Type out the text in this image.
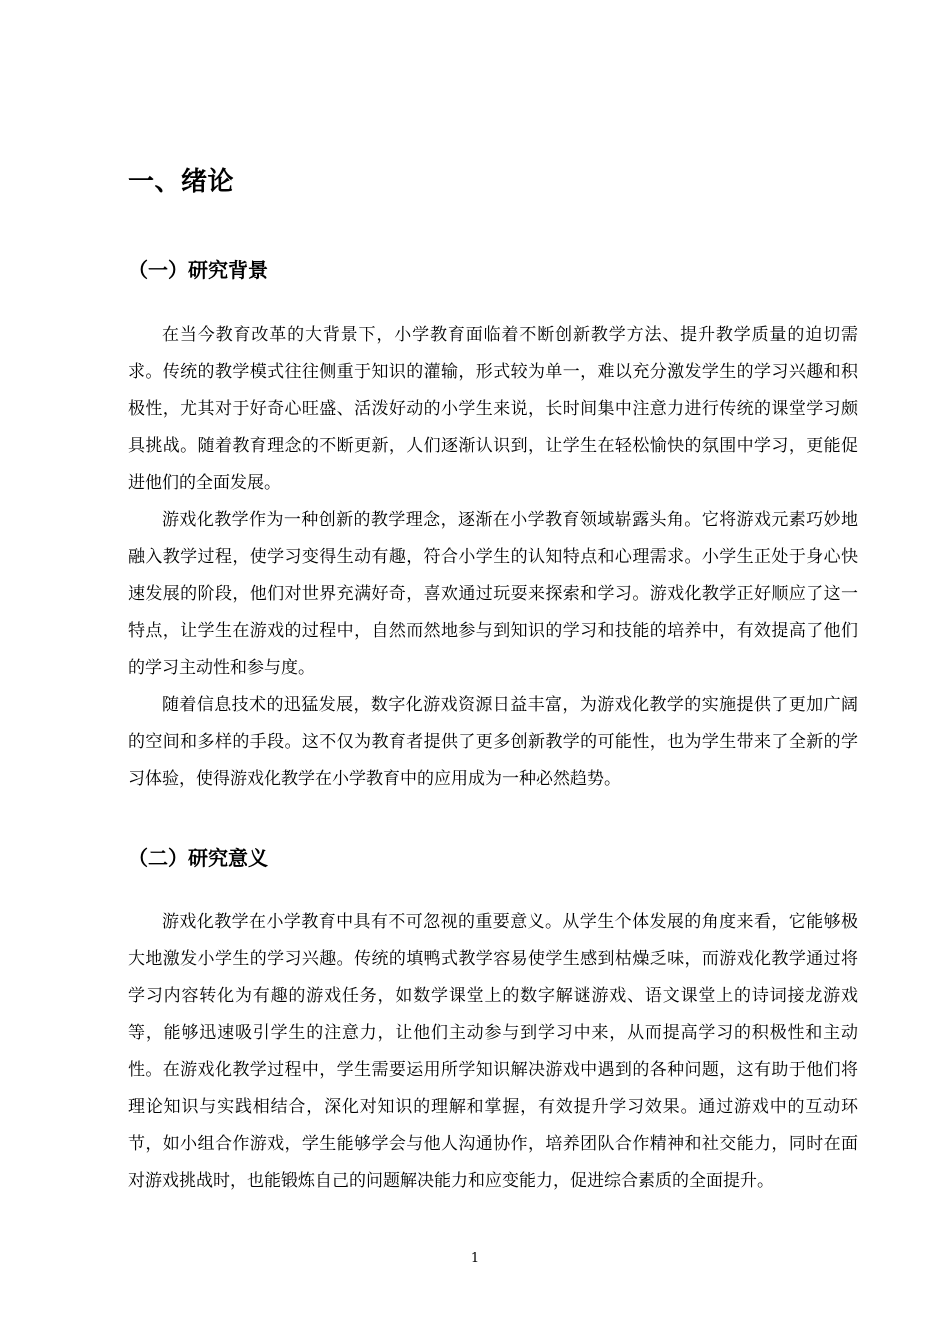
一、绪论
（一）研究背景

在当今教育改革的大背景下，小学教育面临着不断创新教学方法、提升教学质量的迫切需求。传统的教学模式往往侧重于知识的灌输，形式较为单一，难以充分激发学生的学习兴趣和积极性，尤其对于好奇心旺盛、活泼好动的小学生来说，长时间集中注意力进行传统的课堂学习颇具挑战。随着教育理念的不断更新，人们逐渐认识到，让学生在轻松愉快的氛围中学习，更能促进他们的全面发展。

游戏化教学作为一种创新的教学理念，逐渐在小学教育领域崭露头角。它将游戏元素巧妙地融入教学过程，使学习变得生动有趣，符合小学生的认知特点和心理需求。小学生正处于身心快速发展的阶段，他们对世界充满好奇，喜欢通过玩耍来探索和学习。游戏化教学正好顺应了这一特点，让学生在游戏的过程中，自然而然地参与到知识的学习和技能的培养中，有效提高了他们的学习主动性和参与度。

随着信息技术的迅猛发展，数字化游戏资源日益丰富，为游戏化教学的实施提供了更加广阔的空间和多样的手段。这不仅为教育者提供了更多创新教学的可能性，也为学生带来了全新的学习体验，使得游戏化教学在小学教育中的应用成为一种必然趋势。

（二）研究意义

游戏化教学在小学教育中具有不可忽视的重要意义。从学生个体发展的角度来看，它能够极大地激发小学生的学习兴趣。传统的填鸭式教学容易使学生感到枯燥乏味，而游戏化教学通过将学习内容转化为有趣的游戏任务，如数学课堂上的数字解谜游戏、语文课堂上的诗词接龙游戏等，能够迅速吸引学生的注意力，让他们主动参与到学习中来，从而提高学习的积极性和主动性。在游戏化教学过程中，学生需要运用所学知识解决游戏中遇到的各种问题，这有助于他们将理论知识与实践相结合，深化对知识的理解和掌握，有效提升学习效果。通过游戏中的互动环节，如小组合作游戏，学生能够学会与他人沟通协作，培养团队合作精神和社交能力，同时在面对游戏挑战时，也能锻炼自己的问题解决能力和应变能力，促进综合素质的全面提升。

1
